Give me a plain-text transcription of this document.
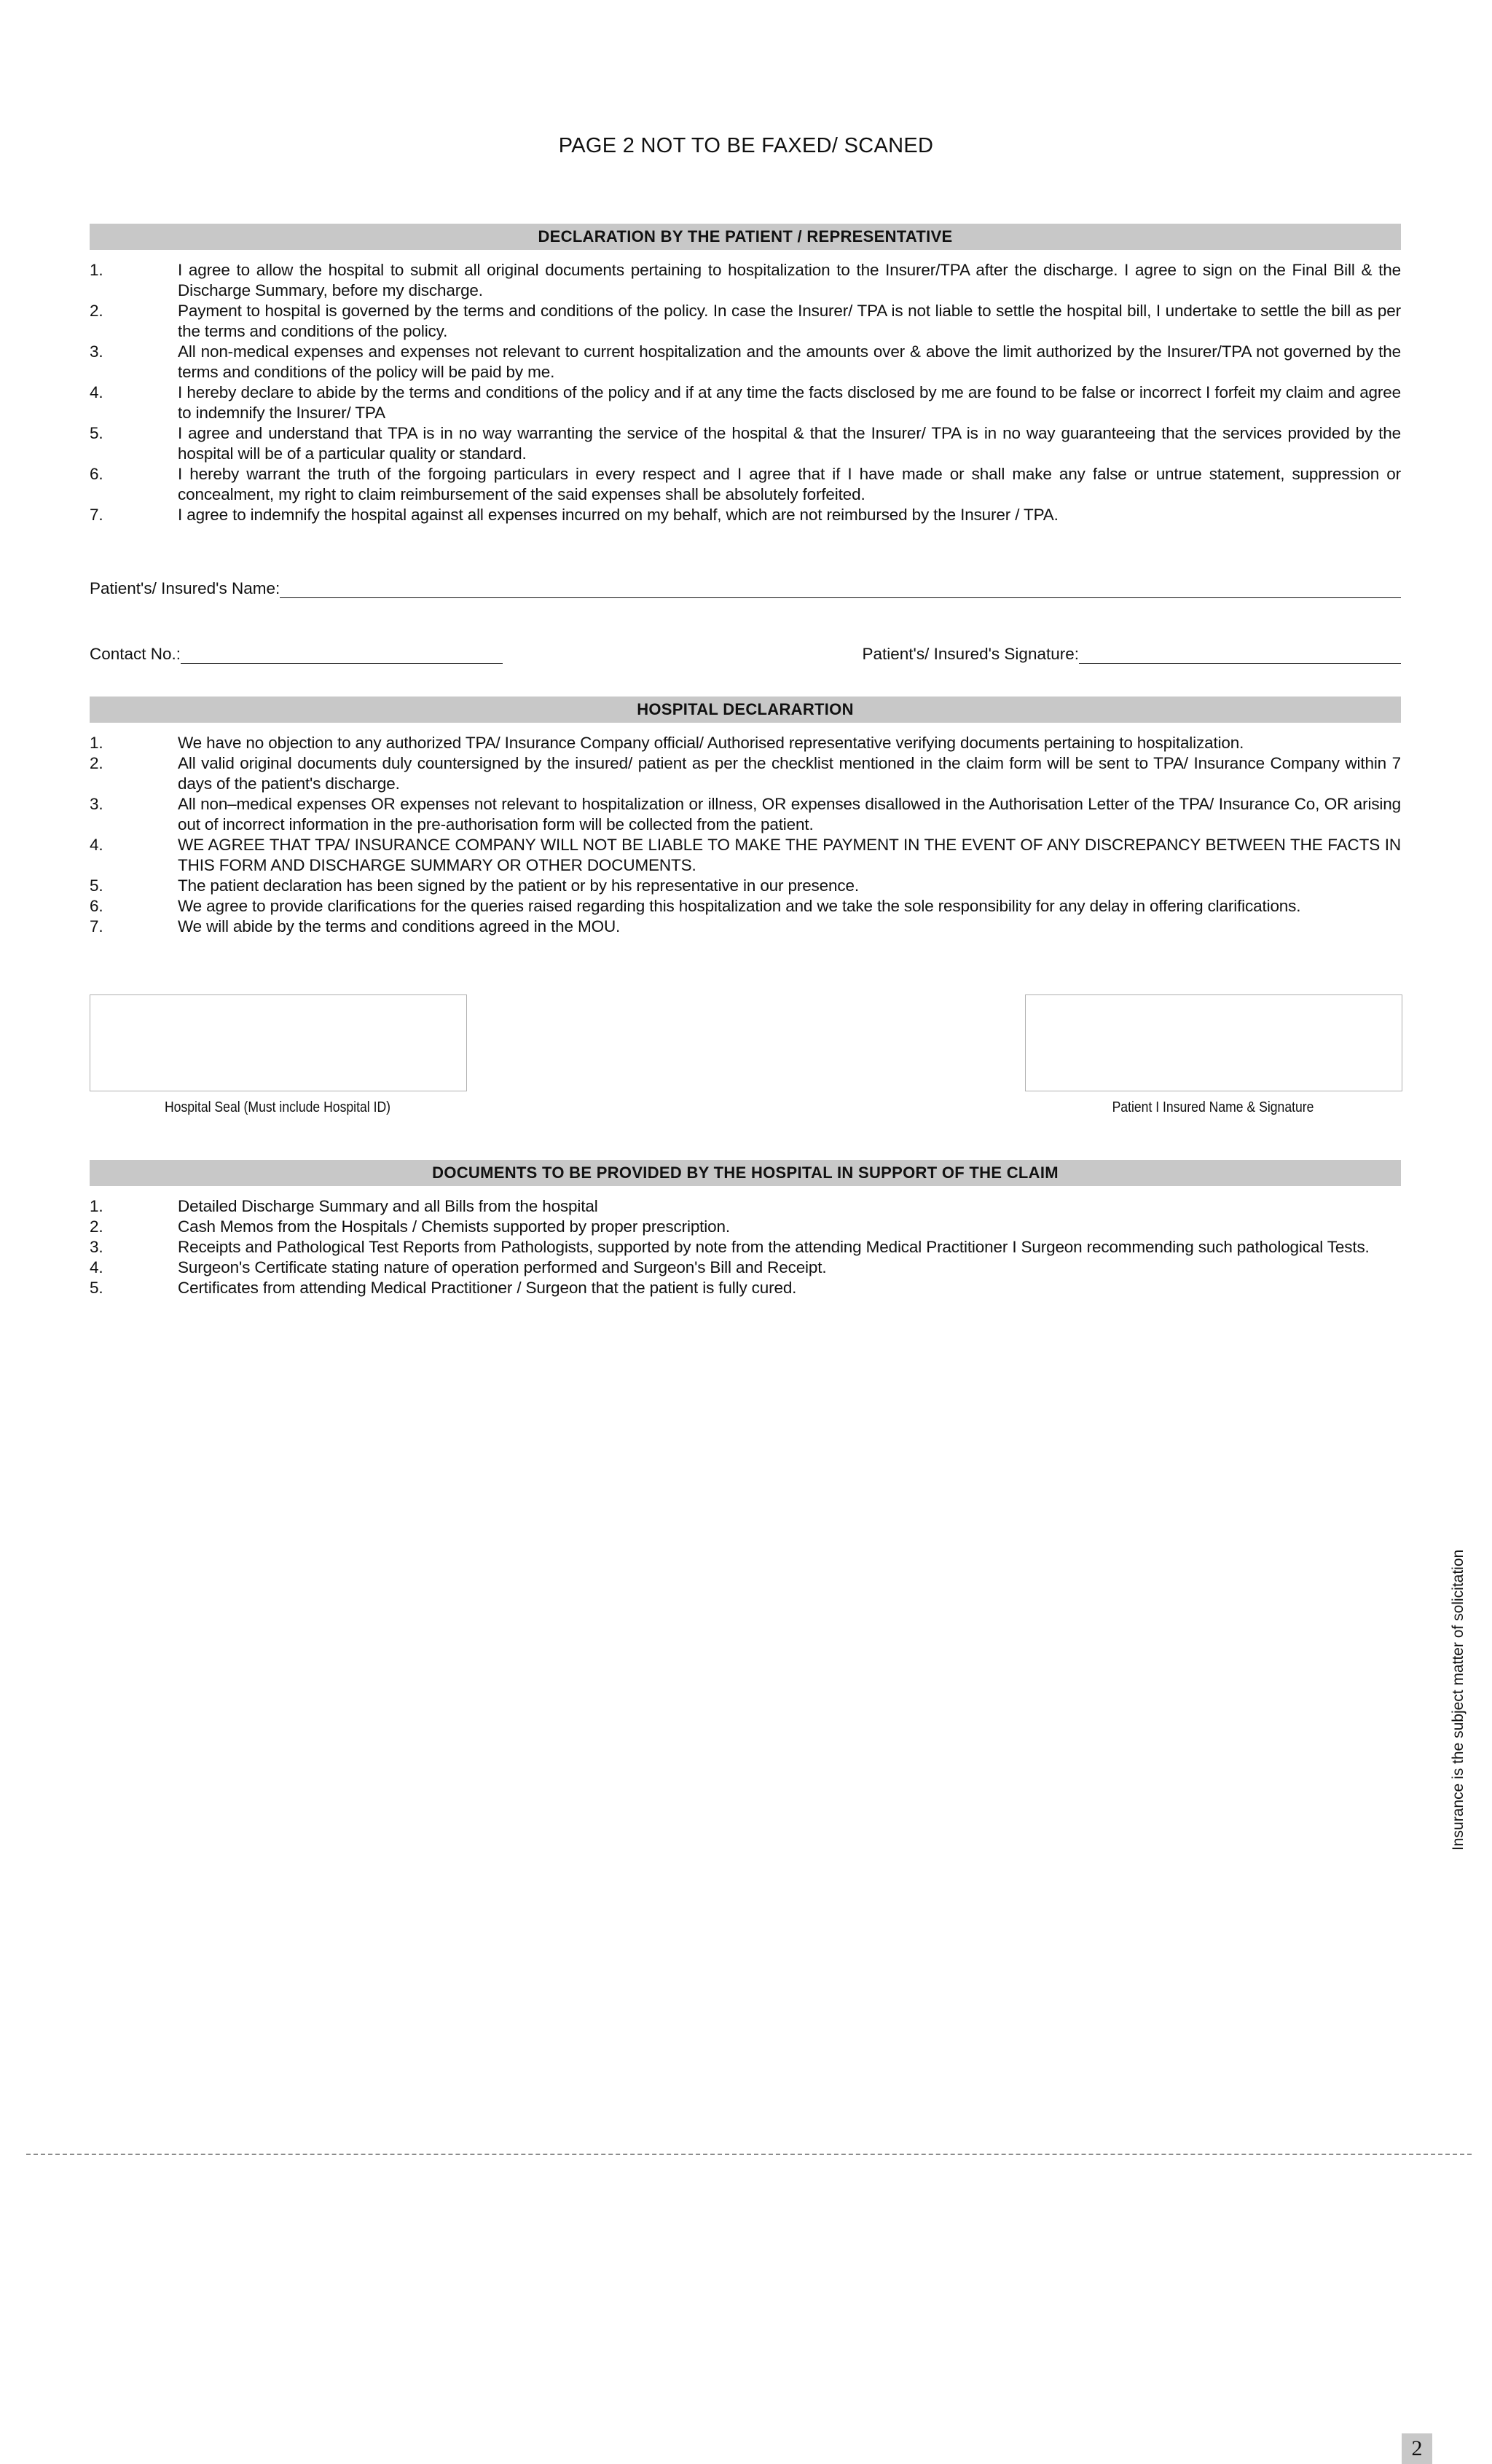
PAGE 2 NOT TO BE FAXED/ SCANED
DECLARATION BY THE PATIENT / REPRESENTATIVE
1.	I agree to allow the hospital to submit all original documents pertaining to hospitalization to the Insurer/TPA after the discharge. I agree to sign on the Final Bill & the Discharge Summary, before my discharge.
2.	Payment to hospital is governed by the terms and conditions of the policy. In case the Insurer/ TPA is not liable to settle the hospital bill, I undertake to settle the bill as per the terms and conditions of the policy.
3.	All non-medical expenses and expenses not relevant to current hospitalization and the amounts over & above the limit authorized by the Insurer/TPA not governed by the terms and conditions of the policy will be paid by me.
4.	I hereby declare to abide by the terms and conditions of the policy and if at any time the facts disclosed by me are found to be false or incorrect I forfeit my claim and agree to indemnify the Insurer/ TPA
5.	I agree and understand that TPA is in no way warranting the service of the hospital & that the Insurer/ TPA is in no way guaranteeing that the services provided by the hospital will be of a particular quality or standard.
6.	I hereby warrant the truth of the forgoing particulars in every respect and I agree that if I have made or shall make any false or untrue statement, suppression or concealment, my right to claim reimbursement of the said expenses shall be absolutely forfeited.
7.	I agree to indemnify the hospital against all expenses incurred on my behalf, which are not reimbursed by the Insurer / TPA.
Patient's/ Insured's Name:
Contact No.:	Patient's/ Insured's Signature:
HOSPITAL DECLARARTION
1.	We have no objection to any authorized TPA/ Insurance Company official/ Authorised representative verifying documents pertaining to hospitalization.
2.	All valid original documents duly countersigned by the insured/ patient as per the checklist mentioned in the claim form will be sent to TPA/ Insurance Company within 7 days of the patient's discharge.
3.	All non–medical expenses OR expenses not relevant to hospitalization or illness, OR expenses disallowed in the Authorisation Letter of the TPA/ Insurance Co, OR arising out of incorrect information in the pre-authorisation form will be collected from the patient.
4.	WE AGREE THAT TPA/ INSURANCE COMPANY WILL NOT BE LIABLE TO MAKE THE PAYMENT IN THE EVENT OF ANY DISCREPANCY BETWEEN THE FACTS IN THIS FORM AND DISCHARGE SUMMARY OR OTHER DOCUMENTS.
5.	The patient declaration has been signed by the patient or by his representative in our presence.
6.	We agree to provide clarifications for the queries raised regarding this hospitalization and we take the sole responsibility for any delay in offering clarifications.
7.	We will abide by the terms and conditions agreed in the MOU.
Hospital Seal (Must include Hospital ID)	Patient I Insured Name & Signature
DOCUMENTS TO BE PROVIDED BY THE HOSPITAL IN SUPPORT OF THE CLAIM
1.	Detailed Discharge Summary and all Bills from the hospital
2.	Cash Memos from the Hospitals / Chemists supported by proper prescription.
3.	Receipts and Pathological Test Reports from Pathologists, supported by note from the attending Medical Practitioner I Surgeon recommending such pathological Tests.
4.	Surgeon's Certificate stating nature of operation performed and Surgeon's Bill and Receipt.
5.	Certificates from attending Medical Practitioner / Surgeon that the patient is fully cured.
Insurance is the subject matter of solicitation
2
